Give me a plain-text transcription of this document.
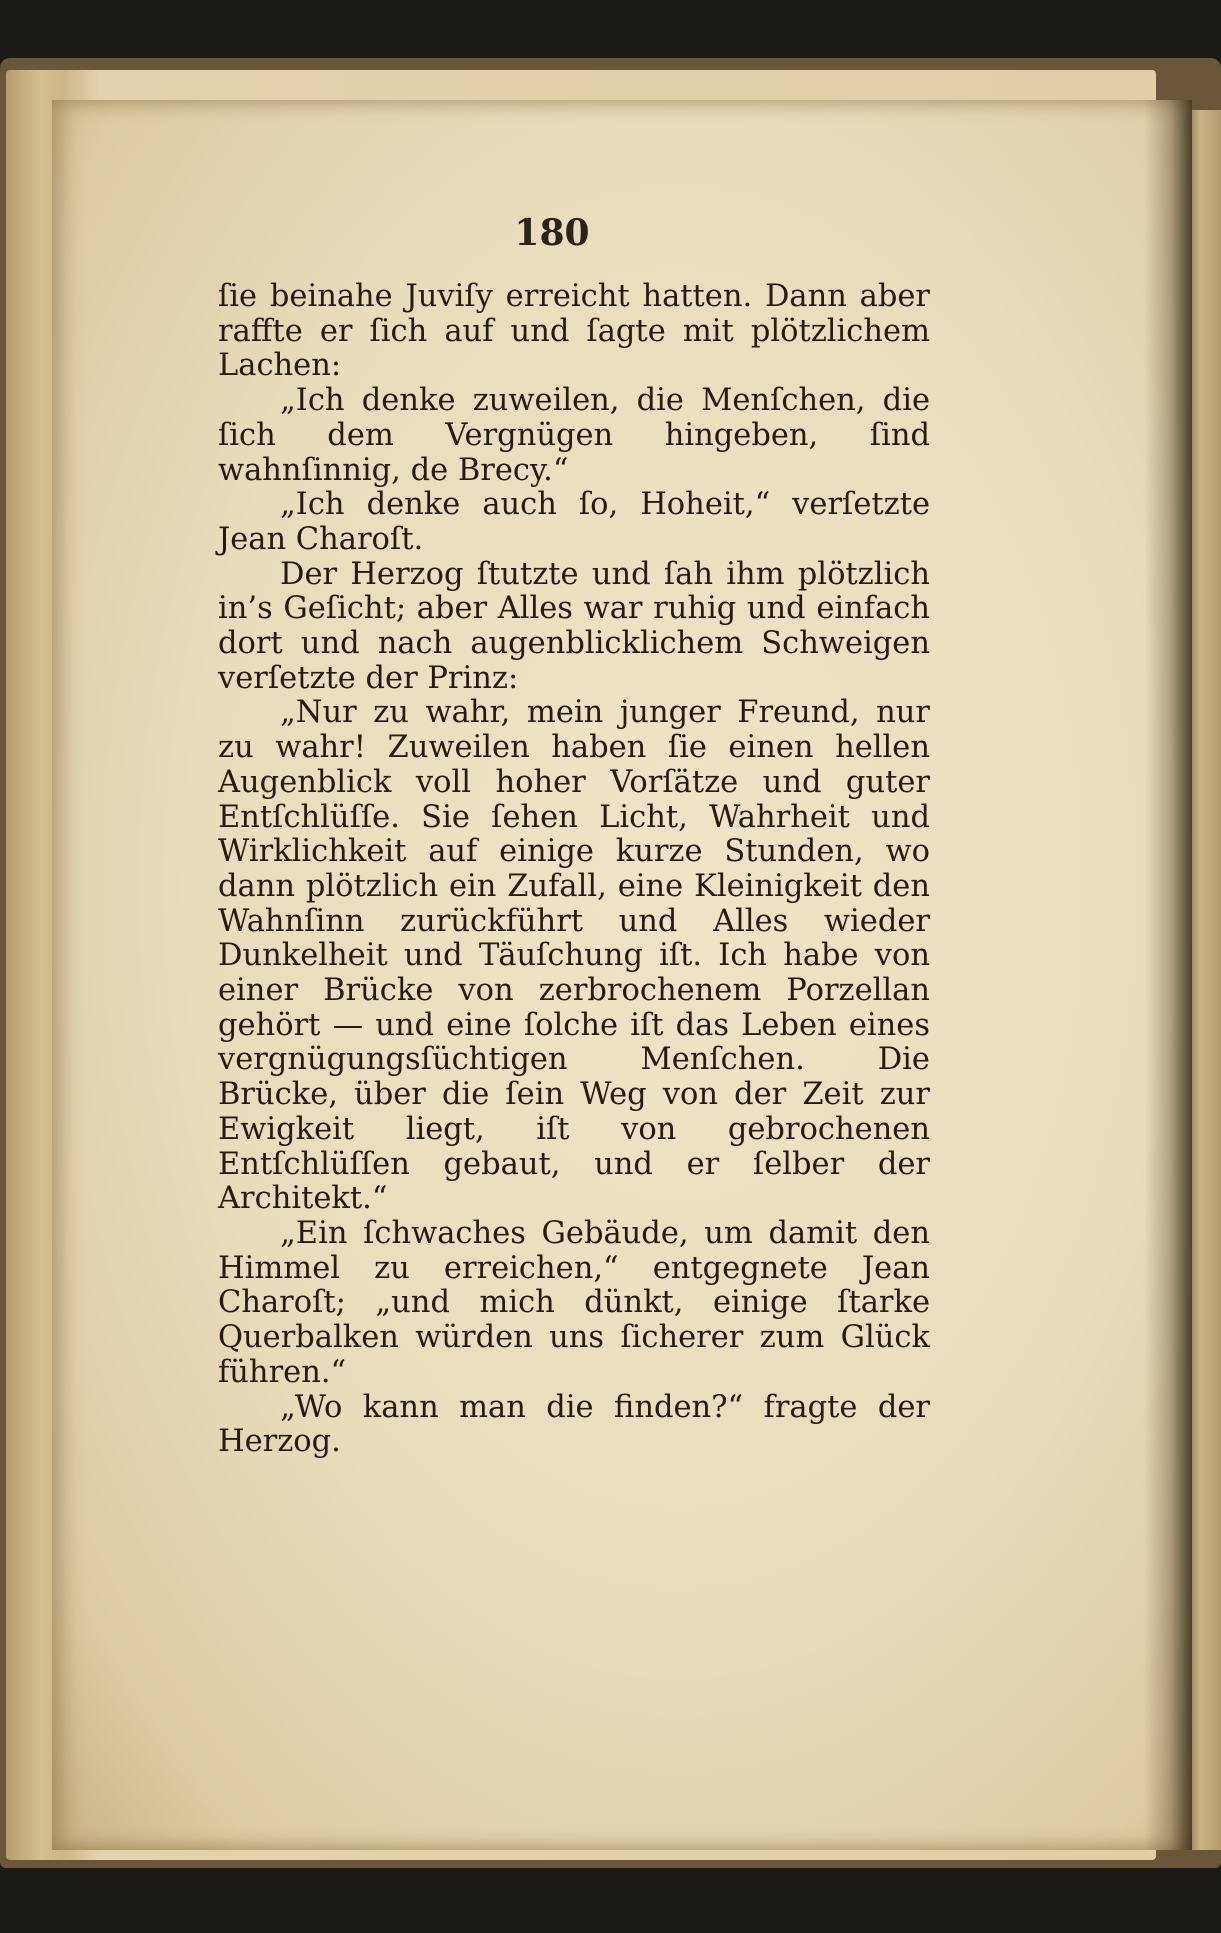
180

ſie beinahe Juviſy erreicht hatten. Dann aber raffte er ſich auf und ſagte mit plötzlichem Lachen:

„Ich denke zuweilen, die Menſchen, die ſich dem Vergnügen hingeben, ſind wahnſinnig, de Brecy.“

„Ich denke auch ſo, Hoheit,“ verſetzte Jean Charoſt.

Der Herzog ſtutzte und ſah ihm plötzlich in’s Geſicht; aber Alles war ruhig und einfach dort und nach augenblicklichem Schweigen verſetzte der Prinz:

„Nur zu wahr, mein junger Freund, nur zu wahr! Zuweilen haben ſie einen hellen Augenblick voll hoher Vorſätze und guter Entſchlüſſe. Sie ſehen Licht, Wahrheit und Wirklichkeit auf einige kurze Stunden, wo dann plötzlich ein Zufall, eine Kleinigkeit den Wahnſinn zurückführt und Alles wieder Dunkelheit und Täuſchung iſt. Ich habe von einer Brücke von zerbrochenem Porzellan gehört — und eine ſolche iſt das Leben eines vergnügungsſüchtigen Menſchen. Die Brücke, über die ſein Weg von der Zeit zur Ewigkeit liegt, iſt von gebrochenen Entſchlüſſen gebaut, und er ſelber der Architekt.“

„Ein ſchwaches Gebäude, um damit den Himmel zu erreichen,“ entgegnete Jean Charoſt; „und mich dünkt, einige ſtarke Querbalken würden uns ſicherer zum Glück führen.“

„Wo kann man die finden?“ fragte der Herzog.
